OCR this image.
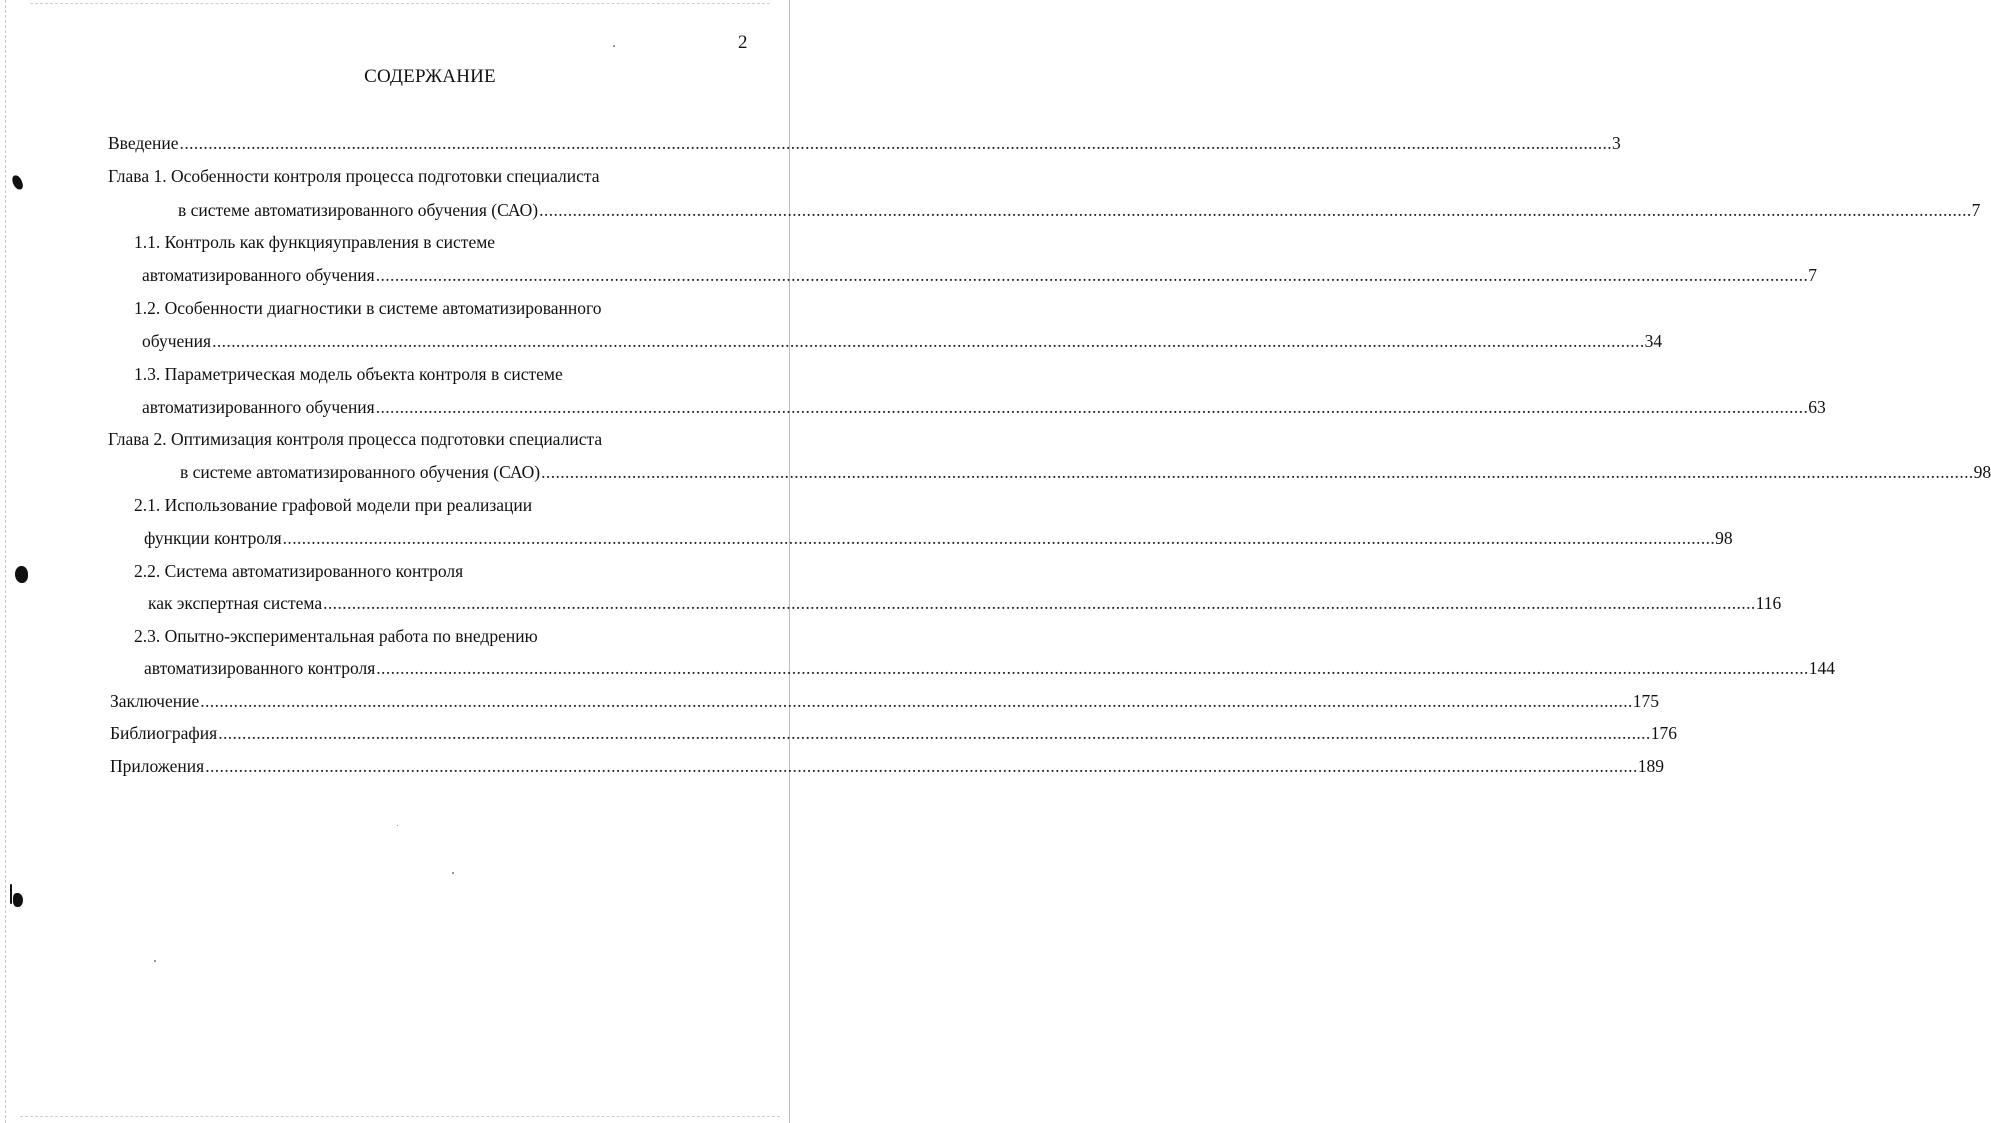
2
СОДЕРЖАНИЕ
Введение ............................................................................................................................................................................................................................................................................................................ 3
Глава 1. Особенности контроля процесса подготовки специалиста
в системе автоматизированного обучения (САО) ............................................................................................................................................................................................................................................................................................................ 7
1.1. Контроль как функцияуправления в системе
автоматизированного обучения ............................................................................................................................................................................................................................................................................................................ 7
1.2. Особенности диагностики в системе автоматизированного
обучения ............................................................................................................................................................................................................................................................................................................ 34
1.3. Параметрическая модель объекта контроля в системе
автоматизированного обучения ............................................................................................................................................................................................................................................................................................................ 63
Глава 2. Оптимизация контроля процесса подготовки специалиста
в системе автоматизированного обучения (САО) ............................................................................................................................................................................................................................................................................................................ 98
2.1. Использование графовой модели при реализации
функции контроля ............................................................................................................................................................................................................................................................................................................ 98
2.2. Система автоматизированного контроля
как экспертная система ............................................................................................................................................................................................................................................................................................................ 116
2.3. Опытно-экспериментальная работа по внедрению
автоматизированного контроля ............................................................................................................................................................................................................................................................................................................ 144
Заключение ............................................................................................................................................................................................................................................................................................................ 175
Библиография ............................................................................................................................................................................................................................................................................................................ 176
Приложения ............................................................................................................................................................................................................................................................................................................ 189
